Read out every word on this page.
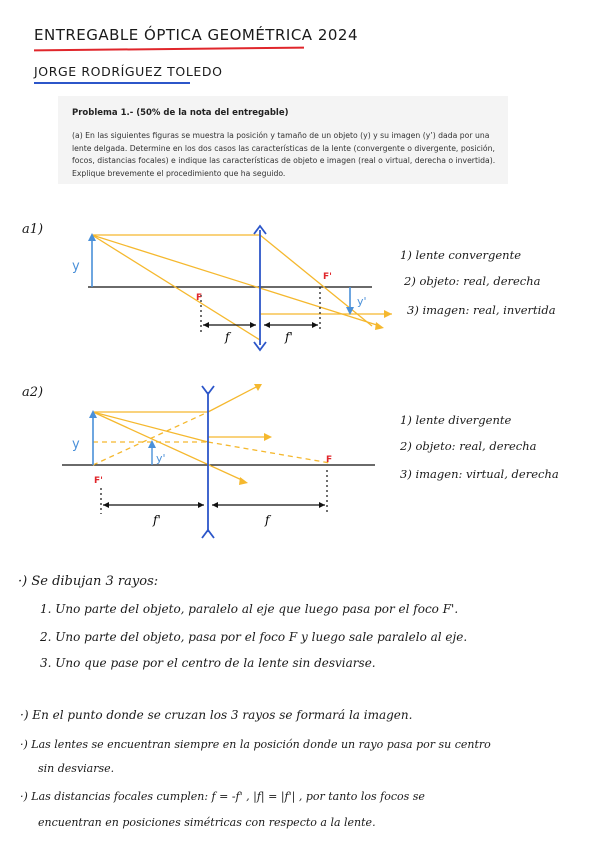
ENTREGABLE ÓPTICA GEOMÉTRICA 2024
JORGE RODRÍGUEZ TOLEDO
Problema 1.- (50% de la nota del entregable)
(a) En las siguientes figuras se muestra la posición y tamaño de un objeto (y) y su imagen (y’) dada por una lente delgada. Determine en los dos casos las características de la lente (convergente o divergente, posición, focos, distancias focales) e indique las características de objeto e imagen (real o virtual, derecha o invertida). Explique brevemente el procedimiento que ha seguido.
a1)
y
y'
F
F'
f	f'
1) lente convergente
2) objeto: real, derecha
3) imagen: real, invertida
a2)
y
y'
F'
F
f'	f
1) lente divergente
2) objeto: real, derecha
3) imagen: virtual, derecha
·) Se dibujan 3 rayos:
1. Uno parte del objeto, paralelo al eje que luego pasa por el foco F'.
2. Uno parte del objeto, pasa por el foco F y luego sale paralelo al eje.
3. Uno que pase por el centro de la lente sin desviarse.
·) En el punto donde se cruzan los 3 rayos se formará la imagen.
·) Las lentes se encuentran siempre en la posición donde un rayo pasa por su centro
sin desviarse.
·) Las distancias focales cumplen: f = -f' , |f| = |f'| , por tanto los focos se
encuentran en posiciones simétricas con respecto a la lente.
